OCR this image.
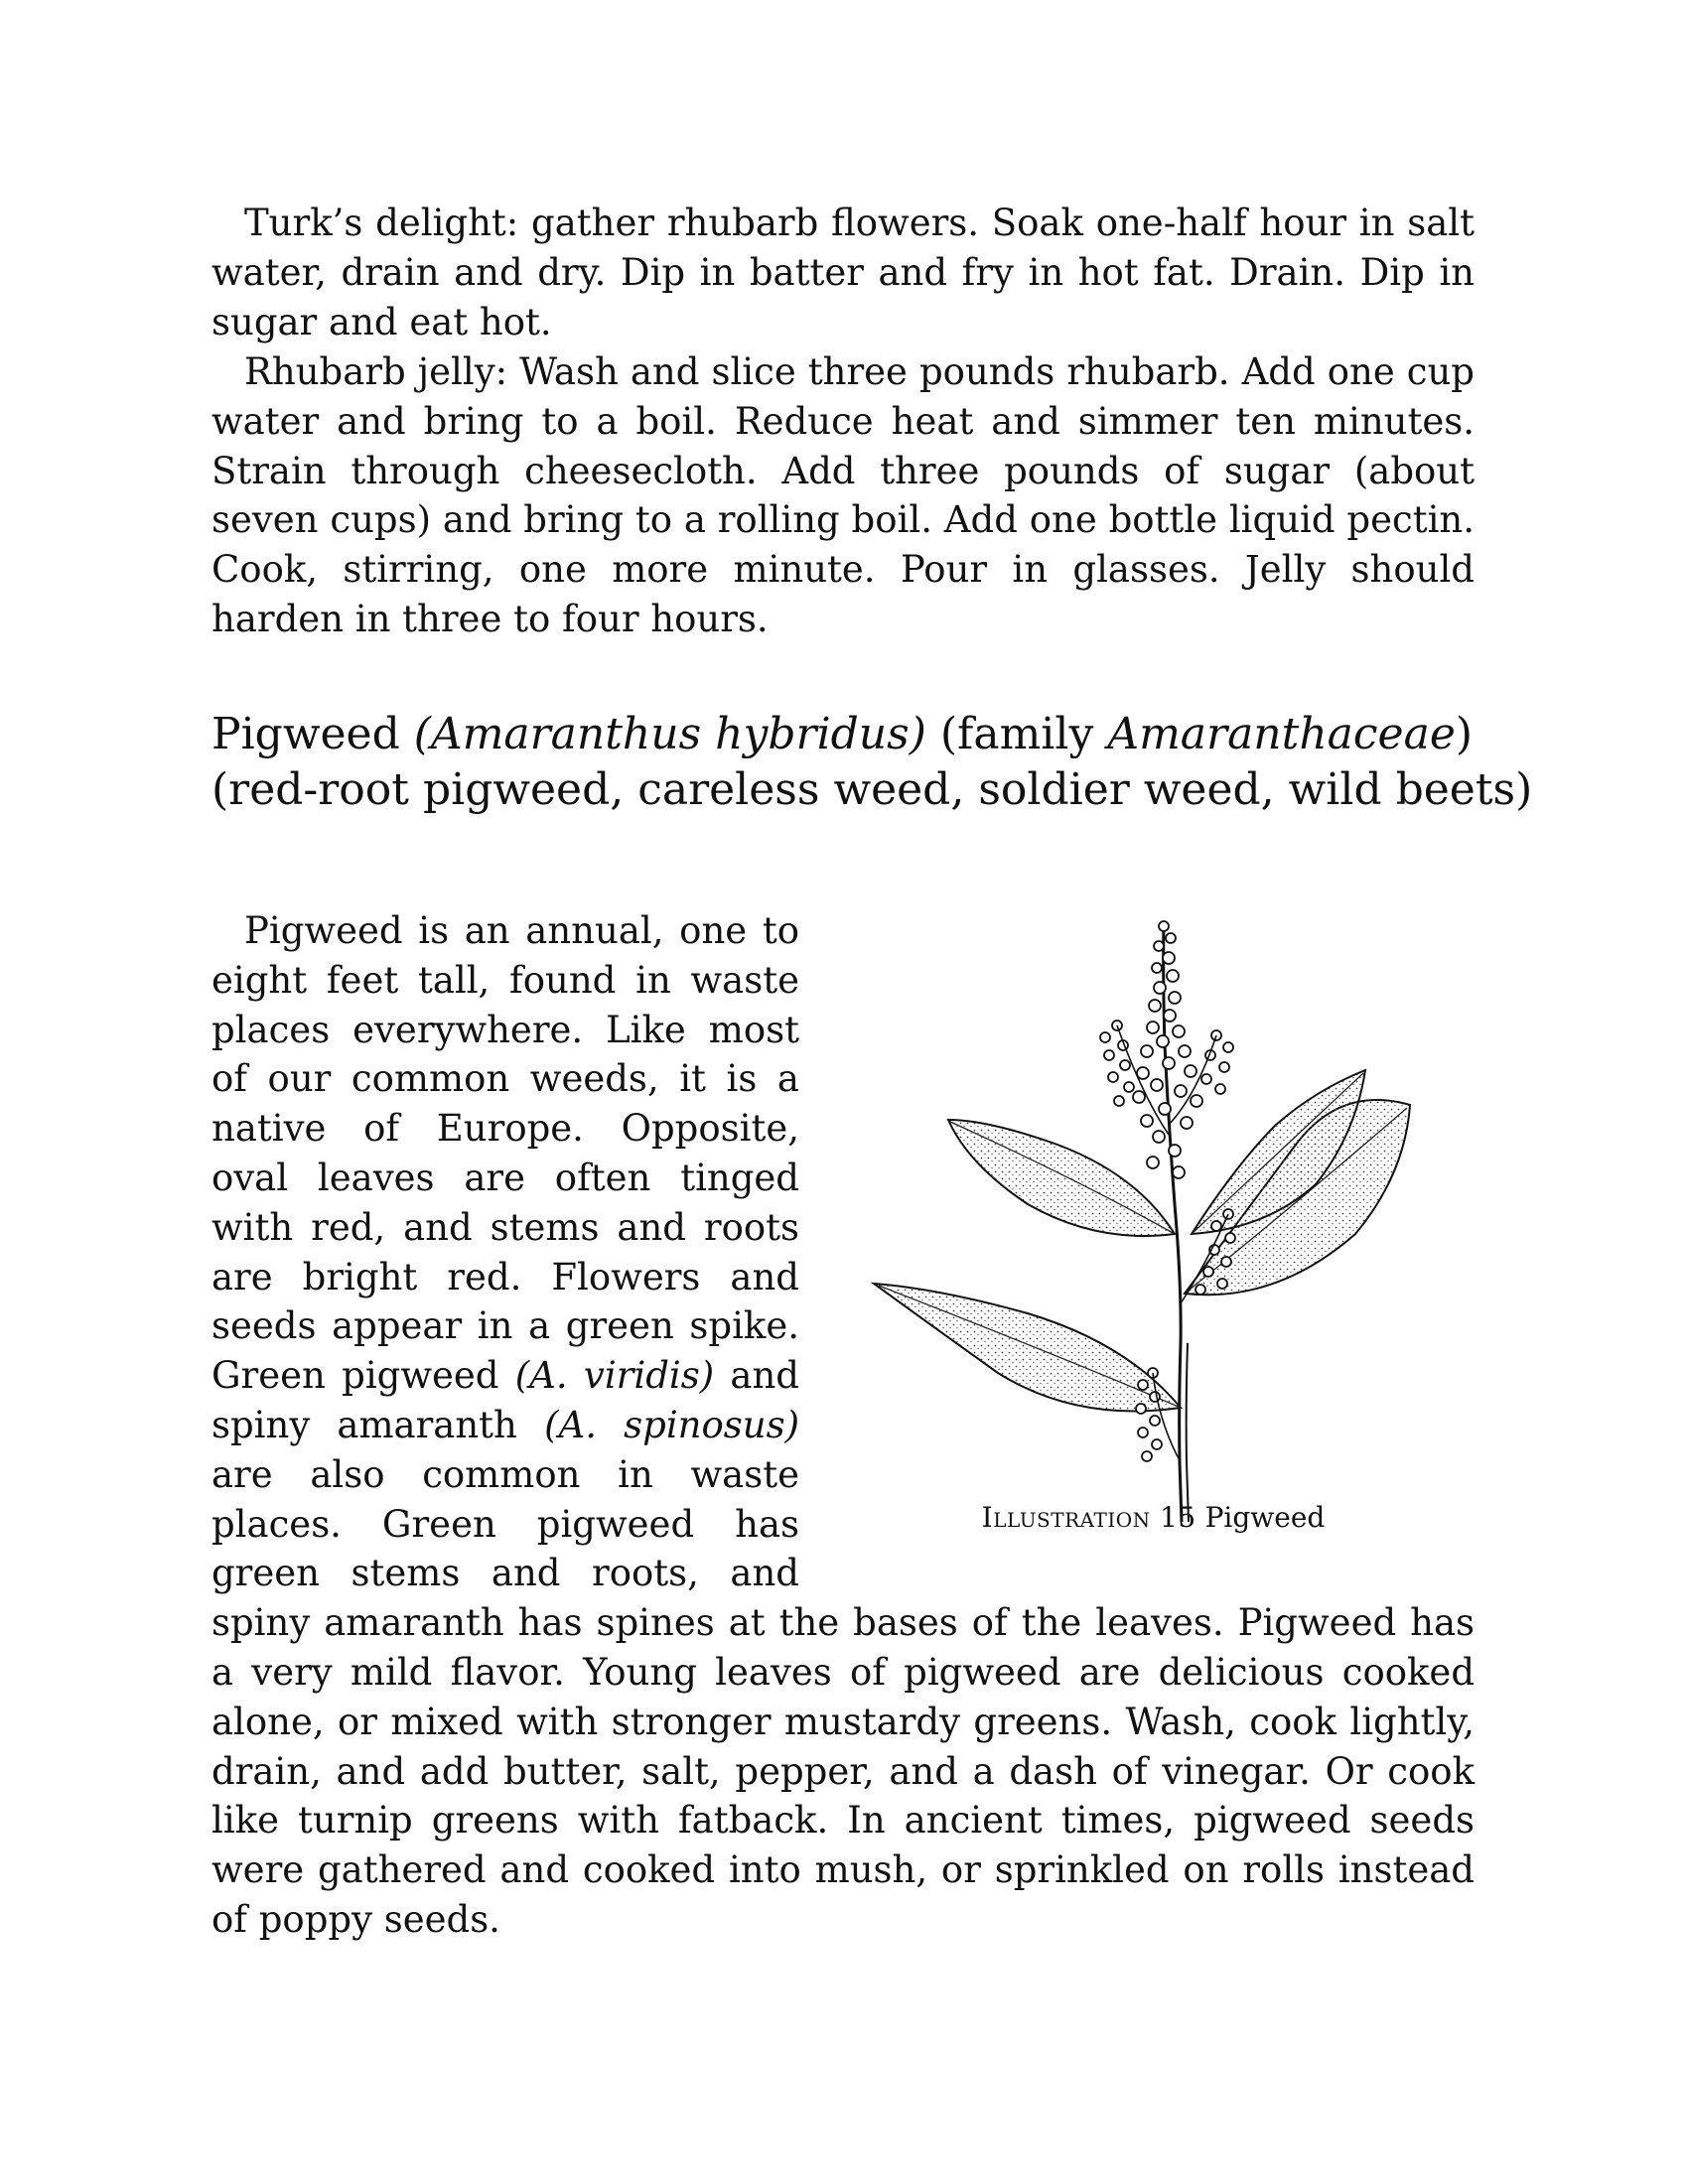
Turk’s delight: gather rhubarb flowers. Soak one-half hour in salt water, drain and dry. Dip in batter and fry in hot fat. Drain. Dip in sugar and eat hot.

Rhubarb jelly: Wash and slice three pounds rhubarb. Add one cup water and bring to a boil. Reduce heat and simmer ten minutes. Strain through cheesecloth. Add three pounds of sugar (about seven cups) and bring to a rolling boil. Add one bottle liquid pectin. Cook, stirring, one more minute. Pour in glasses. Jelly should harden in three to four hours.

Pigweed (Amaranthus hybridus) (family Amaranthaceae)
(red-root pigweed, careless weed, soldier weed, wild beets)
Illustration 15 Pigweed
Pigweed is an annual, one to eight feet tall, found in waste places everywhere. Like most of our common weeds, it is a native of Europe. Opposite, oval leaves are often tinged with red, and stems and roots are bright red. Flowers and seeds appear in a green spike. Green pigweed (A. viridis) and spiny amaranth (A. spinosus) are also common in waste places. Green pigweed has green stems and roots, and spiny amaranth has spines at the bases of the leaves. Pigweed has a very mild flavor. Young leaves of pigweed are delicious cooked alone, or mixed with stronger mustardy greens. Wash, cook lightly, drain, and add butter, salt, pepper, and a dash of vinegar. Or cook like turnip greens with fatback. In ancient times, pigweed seeds were gathered and cooked into mush, or sprinkled on rolls instead of poppy seeds.
